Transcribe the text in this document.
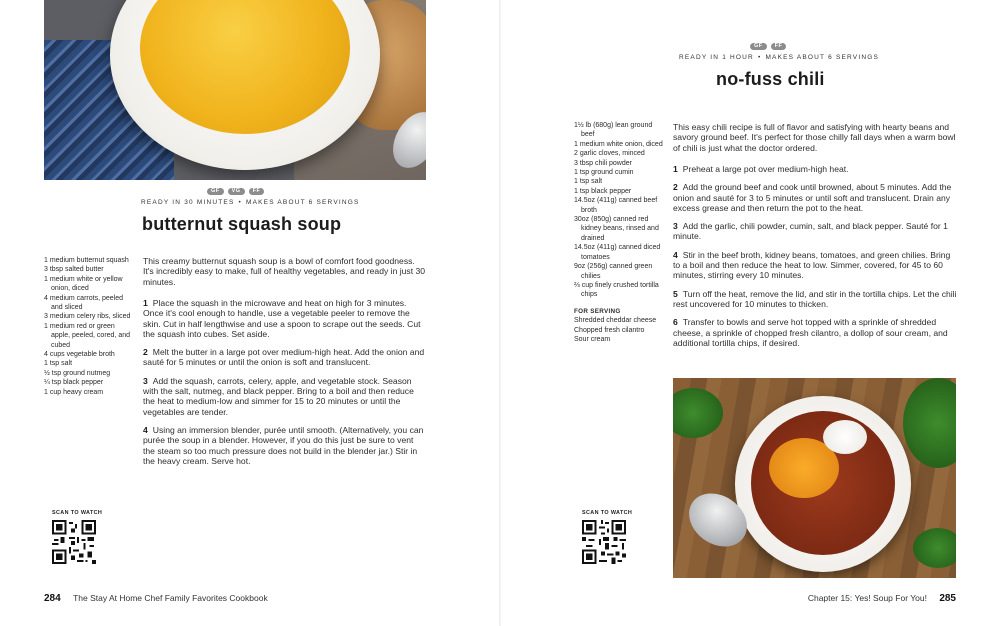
GF	VG	FF
READY IN 30 MINUTES • MAKES ABOUT 6 SERVINGS
butternut squash soup
1 medium butternut squash
3 tbsp salted butter
1 medium white or yellow onion, diced
4 medium carrots, peeled and sliced
3 medium celery ribs, sliced
1 medium red or green apple, peeled, cored, and cubed
4 cups vegetable broth
1 tsp salt
½ tsp ground nutmeg
¼ tsp black pepper
1 cup heavy cream

This creamy butternut squash soup is a bowl of comfort food goodness. It's incredibly easy to make, full of healthy vegetables, and ready in just 30 minutes.

1 Place the squash in the microwave and heat on high for 3 minutes. Once it's cool enough to handle, use a vegetable peeler to remove the skin. Cut in half lengthwise and use a spoon to scrape out the seeds. Cut the squash into cubes. Set aside.
2 Melt the butter in a large pot over medium-high heat. Add the onion and sauté for 5 minutes or until the onion is soft and translucent.
3 Add the squash, carrots, celery, apple, and vegetable stock. Season with the salt, nutmeg, and black pepper. Bring to a boil and then reduce the heat to medium-low and simmer for 15 to 20 minutes or until the vegetables are tender.
4 Using an immersion blender, purée until smooth. (Alternatively, you can purée the soup in a blender. However, if you do this just be sure to vent the steam so too much pressure does not build in the blender jar.) Stir in the heavy cream. Serve hot.
SCAN TO WATCH
284 The Stay At Home Chef Family Favorites Cookbook
GF	FF
READY IN 1 HOUR • MAKES ABOUT 6 SERVINGS
no-fuss chili
1½ lb (680g) lean ground beef
1 medium white onion, diced
2 garlic cloves, minced
3 tbsp chili powder
1 tsp ground cumin
1 tsp salt
1 tsp black pepper
14.5oz (411g) canned beef broth
30oz (850g) canned red kidney beans, rinsed and drained
14.5oz (411g) canned diced tomatoes
9oz (256g) canned green chilies
⅔ cup finely crushed tortilla chips
FOR SERVING
Shredded cheddar cheese
Chopped fresh cilantro
Sour cream

This easy chili recipe is full of flavor and satisfying with hearty beans and savory ground beef. It's perfect for those chilly fall days when a warm bowl of chili is just what the doctor ordered.

1 Preheat a large pot over medium-high heat.
2 Add the ground beef and cook until browned, about 5 minutes. Add the onion and sauté for 3 to 5 minutes or until soft and translucent. Drain any excess grease and then return the pot to the heat.
3 Add the garlic, chili powder, cumin, salt, and black pepper. Sauté for 1 minute.
4 Stir in the beef broth, kidney beans, tomatoes, and green chilies. Bring to a boil and then reduce the heat to low. Simmer, covered, for 45 to 60 minutes, stirring every 10 minutes.
5 Turn off the heat, remove the lid, and stir in the tortilla chips. Let the chili rest uncovered for 10 minutes to thicken.
6 Transfer to bowls and serve hot topped with a sprinkle of shredded cheese, a sprinkle of chopped fresh cilantro, a dollop of sour cream, and additional tortilla chips, if desired.
SCAN TO WATCH
Chapter 15: Yes! Soup For You! 285
